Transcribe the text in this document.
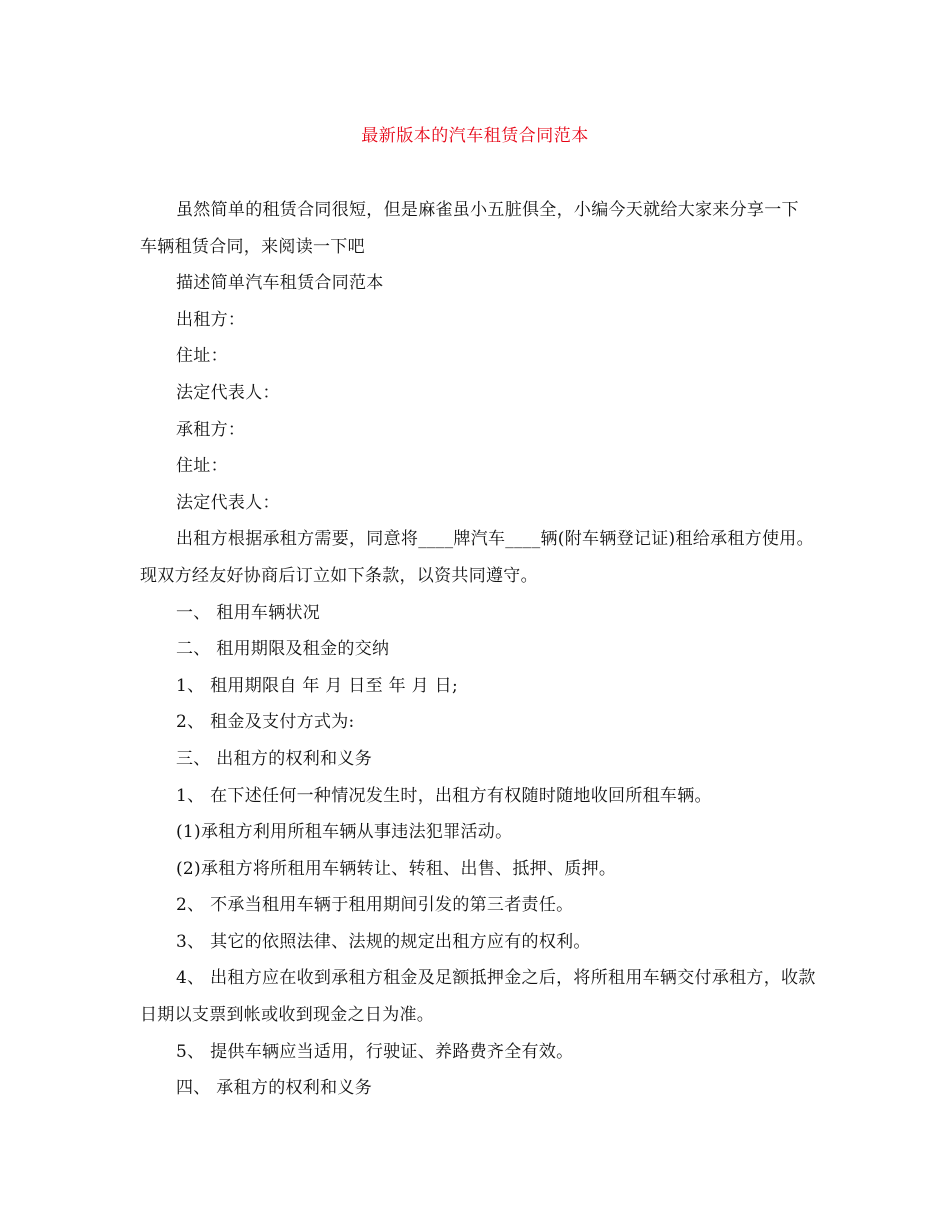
最新版本的汽车租赁合同范本

虽然简单的租赁合同很短，但是麻雀虽小五脏俱全，小编今天就给大家来分享一下车辆租赁合同，来阅读一下吧

描述简单汽车租赁合同范本

出租方：

住址：

法定代表人：

承租方：

住址：

法定代表人：

出租方根据承租方需要，同意将____牌汽车____辆(附车辆登记证)租给承租方使用。现双方经友好协商后订立如下条款，以资共同遵守。

一、 租用车辆状况

二、 租用期限及租金的交纳

1、 租用期限自 年 月 日至 年 月 日;

2、 租金及支付方式为:

三、 出租方的权利和义务

1、 在下述任何一种情况发生时，出租方有权随时随地收回所租车辆。

(1)承租方利用所租车辆从事违法犯罪活动。

(2)承租方将所租用车辆转让、转租、出售、抵押、质押。

2、 不承当租用车辆于租用期间引发的第三者责任。

3、 其它的依照法律、法规的规定出租方应有的权利。

4、 出租方应在收到承租方租金及足额抵押金之后，将所租用车辆交付承租方，收款日期以支票到帐或收到现金之日为准。

5、 提供车辆应当适用，行驶证、养路费齐全有效。

四、 承租方的权利和义务
